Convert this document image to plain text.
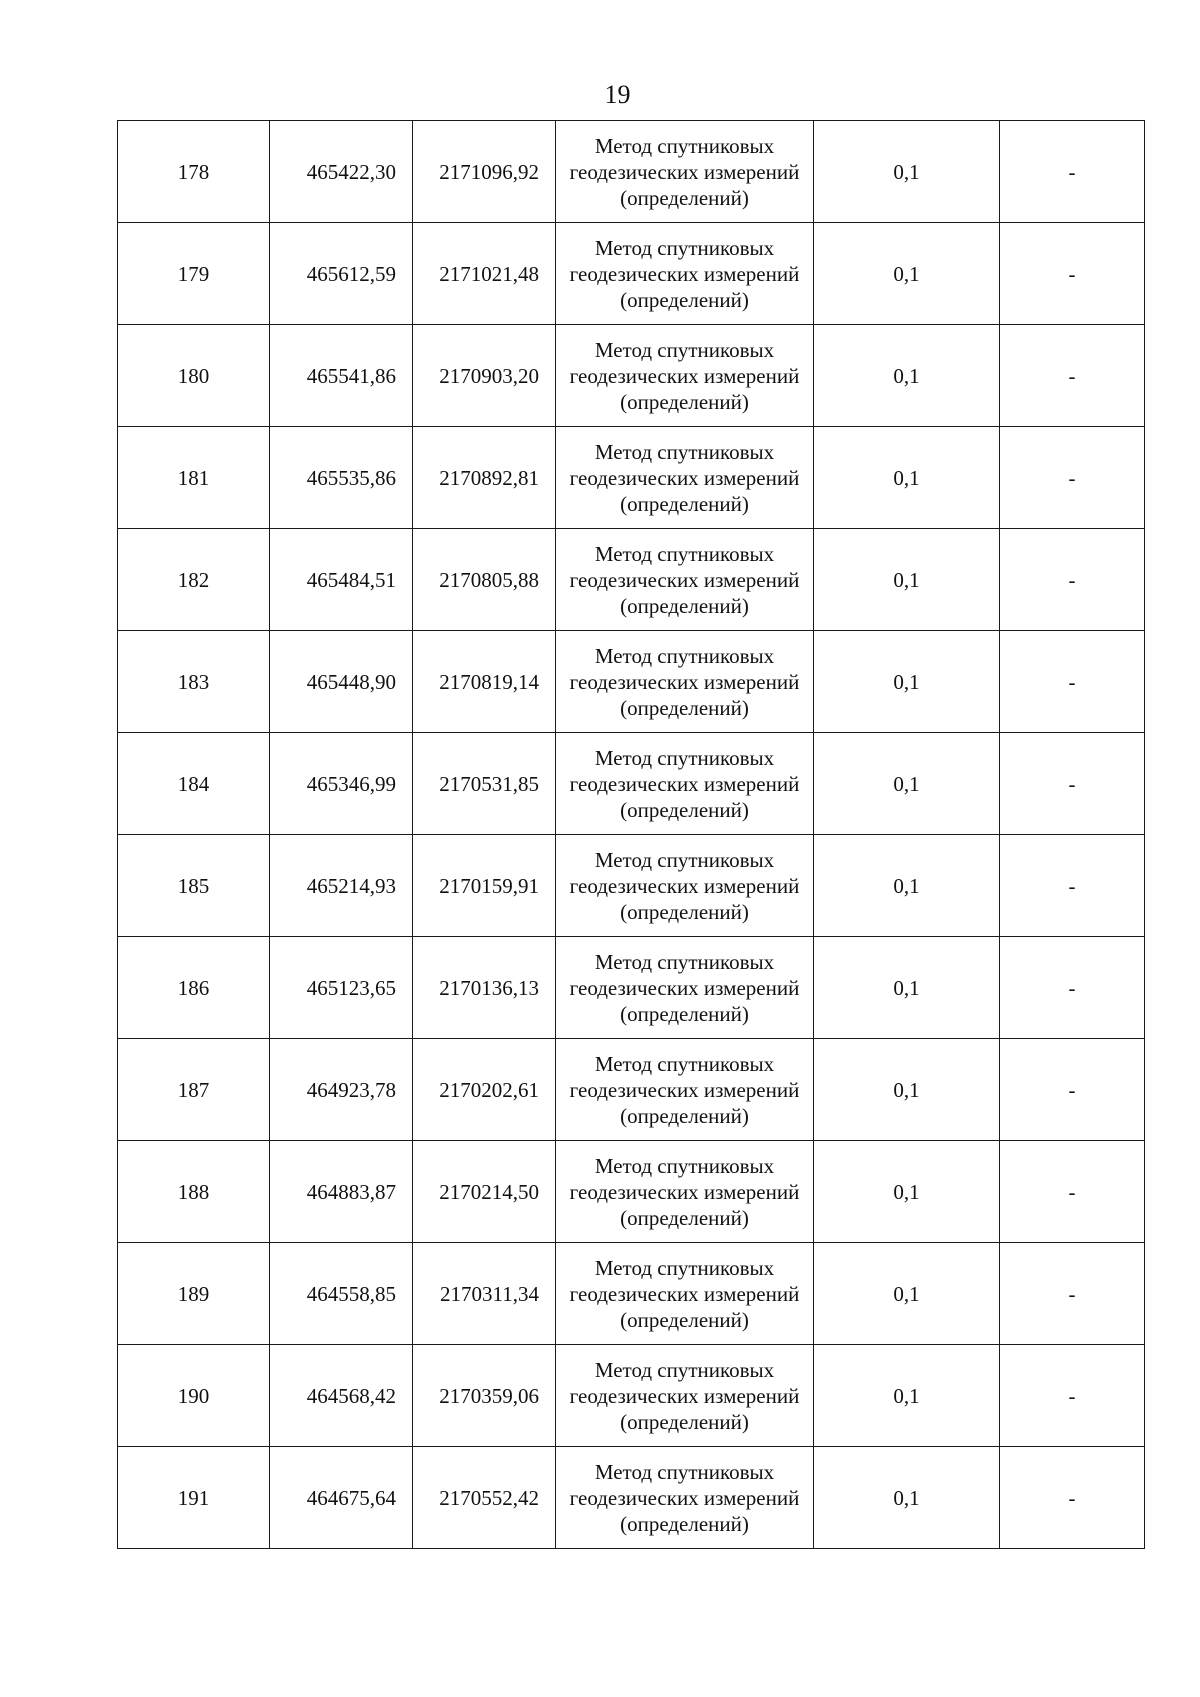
19
178	465422,30	2171096,92	Метод спутниковых
геодезических измерений
(определений)	0,1	-
179	465612,59	2171021,48	Метод спутниковых
геодезических измерений
(определений)	0,1	-
180	465541,86	2170903,20	Метод спутниковых
геодезических измерений
(определений)	0,1	-
181	465535,86	2170892,81	Метод спутниковых
геодезических измерений
(определений)	0,1	-
182	465484,51	2170805,88	Метод спутниковых
геодезических измерений
(определений)	0,1	-
183	465448,90	2170819,14	Метод спутниковых
геодезических измерений
(определений)	0,1	-
184	465346,99	2170531,85	Метод спутниковых
геодезических измерений
(определений)	0,1	-
185	465214,93	2170159,91	Метод спутниковых
геодезических измерений
(определений)	0,1	-
186	465123,65	2170136,13	Метод спутниковых
геодезических измерений
(определений)	0,1	-
187	464923,78	2170202,61	Метод спутниковых
геодезических измерений
(определений)	0,1	-
188	464883,87	2170214,50	Метод спутниковых
геодезических измерений
(определений)	0,1	-
189	464558,85	2170311,34	Метод спутниковых
геодезических измерений
(определений)	0,1	-
190	464568,42	2170359,06	Метод спутниковых
геодезических измерений
(определений)	0,1	-
191	464675,64	2170552,42	Метод спутниковых
геодезических измерений
(определений)	0,1	-
